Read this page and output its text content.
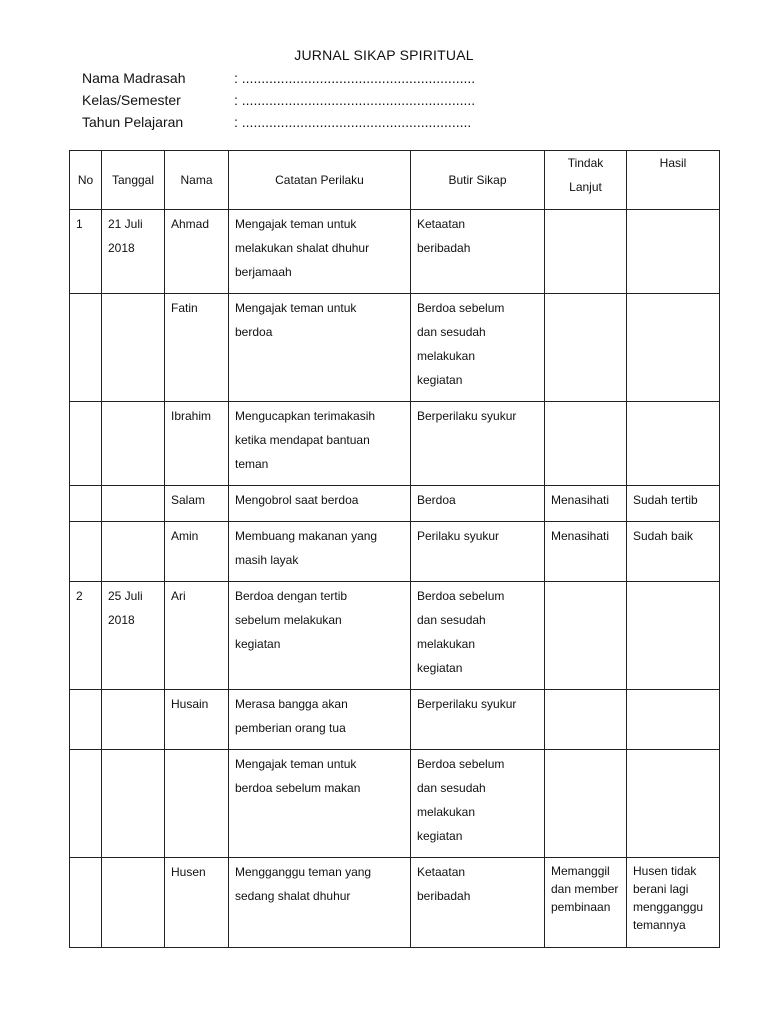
JURNAL SIKAP SPIRITUAL
Nama Madrasah	: ............................................................
Kelas/Semester	: ............................................................
Tahun Pelajaran	: ...........................................................
No	Tanggal	Nama	Catatan Perilaku	Butir Sikap	Tindak Lanjut	Hasil
1	21 Juli 2018	Ahmad	Mengajak teman untuk melakukan shalat dhuhur berjamaah	Ketaatan beribadah		
		Fatin	Mengajak teman untuk berdoa	Berdoa sebelum dan sesudah melakukan kegiatan		
		Ibrahim	Mengucapkan terimakasih ketika mendapat bantuan teman	Berperilaku syukur		
		Salam	Mengobrol saat berdoa	Berdoa	Menasihati	Sudah tertib
		Amin	Membuang makanan yang masih layak	Perilaku syukur	Menasihati	Sudah baik
2	25 Juli 2018	Ari	Berdoa dengan tertib sebelum melakukan kegiatan	Berdoa sebelum dan sesudah melakukan kegiatan		
		Husain	Merasa bangga akan pemberian orang tua	Berperilaku syukur		
			Mengajak teman untuk berdoa sebelum makan	Berdoa sebelum dan sesudah melakukan kegiatan		
		Husen	Mengganggu teman yang sedang shalat dhuhur	Ketaatan beribadah	Memanggil dan member pembinaan	Husen tidak berani lagi mengganggu temannya
